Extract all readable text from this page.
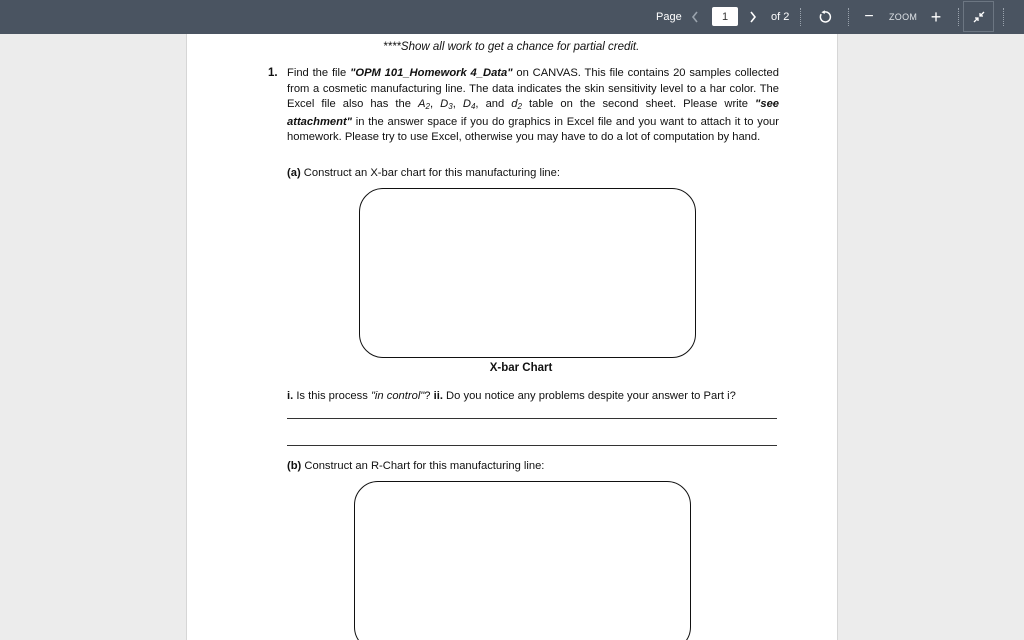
Page
1	of 2	− ZOOM +
****Show all work to get a chance for partial credit.
1. Find the file "OPM 101_Homework 4_Data" on CANVAS. This file contains 20 samples collected from a cosmetic manufacturing line. The data indicates the skin sensitivity level to a har color. The Excel file also has the $A_2$, $D_3$, $D_4$, and $d_2$ table on the second sheet. Please write "see attachment" in the answer space if you do graphics in Excel file and you want to attach it to your homework. Please try to use Excel, otherwise you may have to do a lot of computation by hand.

(a) Construct an X-bar chart for this manufacturing line:
X-bar Chart
i. Is this process "in control"? ii. Do you notice any problems despite your answer to Part i?
(b) Construct an R-Chart for this manufacturing line:
